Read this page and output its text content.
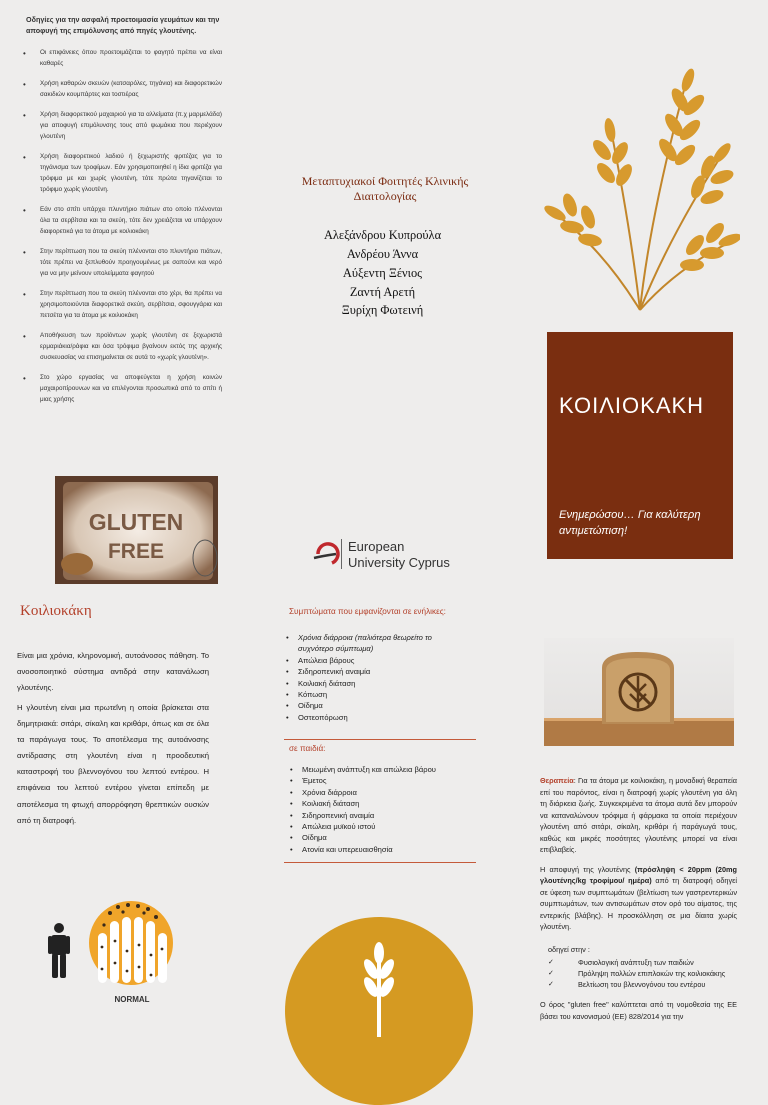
Οδηγίες για την ασφαλή προετοιμασία γευμάτων και την αποφυγή της επιμόλυνσης από πηγές γλουτένης.
• Οι επιφάνειες όπου προετοιμάζεται το φαγητό πρέπει να είναι καθαρές
• Χρήση καθαρών σκευών (κατσαρόλες, τηγάνια) και διαφορετικών σακιδιών κουμπάρτες και τοστιέρας
• Χρήση διαφορετικού μαχαιριού για τα αλλείματα (π.χ μαρμελάδα) για αποφυγή επιμόλυνσης τους από ψωμάκια που περιέχουν γλουτένη
• Χρήση διαφορετικού λαδιού ή ξεχωριστής φριτέζας για το τηγάνισμα των τροφίμων. Εάν χρησιμοποιηθεί η ίδια φριτέζα για τρόφιμα με και χωρίς γλουτένη, τότε πρώτα τηγανίζεται το τρόφιμο χωρίς γλουτένη.
• Εάν στο σπίτι υπάρχει πλυντήριο πιάτων στο οποίο πλένονται όλα τα σερβίτσια και τα σκεύη, τότε δεν χρειάζεται να υπάρχουν διαφορετικά για τα άτομα με κοιλιοκάκη
• Στην περίπτωση που τα σκεύη πλένονται στο πλυντήριο πιάτων, τότε πρέπει να ξεπλυθούν προηγουμένως με σαπούνι και νερό για να μην μείνουν υπολείμματα φαγητού
• Στην περίπτωση που τα σκεύη πλένονται στο χέρι, θα πρέπει να χρησιμοποιούνται διαφορετικά σκεύη, σερβίτσια, σφουγγάρια και πετσέτα για τα άτομα με κοιλιοκάκη
• Αποθήκευση των προϊόντων χωρίς γλουτένη σε ξεχωριστά ερμαριάκια/ράφια και όσα τρόφιμα βγαίνουν εκτός της αρχικής συσκευασίας να επισημαίνεται σε αυτά το «χωρίς γλουτένη».
• Στο χώρο εργασίας να αποφεύγεται η χρήση κοινών μαχαιροπίρουνων και να επιλέγονται προσωπικά από το σπίτι ή μιας χρήσης
GLUTEN
FREE
Μεταπτυχιακοί Φοιτητές Κλινικής Διαιτολογίας
Αλεξάνδρου Κυπρούλα
Ανδρέου Άννα
Αύξεντη Ξένιος
Ζαντή Αρετή
Ξυρίχη Φωτεινή
European
University Cyprus
ΚΟΙΛΙΟΚΑΚΗ
Ενημερώσου… Για καλύτερη αντιμετώπιση!
Κοιλιοκάκη

Είναι μια χρόνια, κληρονομική, αυτοάνοσος πάθηση. Το ανοσοποιητικό σύστημα αντιδρά στην κατανάλωση γλουτένης.

Η γλουτένη είναι μια πρωτεΐνη η οποία βρίσκεται στα δημητριακά: σιτάρι, σίκαλη και κριθάρι, όπως και σε όλα τα παράγωγα τους. Το αποτέλεσμα της αυτοάνοσης αντίδρασης στη γλουτένη είναι η προοδευτική καταστροφή του βλεννογόνου του λεπτού εντέρου. Η επιφάνεια του λεπτού εντέρου γίνεται επίπεδη με αποτέλεσμα τη φτωχή απορρόφηση θρεπτικών ουσιών από τη διατροφή.

NORMAL
Συμπτώματα που εμφανίζονται σε ενήλικες:
• Χρόνια διάρροια (παλιότερα θεωρείτο το συχνότερο σύμπτωμα)
• Απώλεια βάρους
• Σιδηροπενική αναιμία
• Κοιλιακή διάταση
• Κόπωση
• Οίδημα
• Οστεοπόρωση
σε παιδιά:
• Μειωμένη ανάπτυξη και απώλεια βάρου
• Έμετος
• Χρόνια διάρροια
• Κοιλιακή διάταση
• Σιδηροπενική αναιμία
• Απώλεια μυϊκού ιστού
• Οίδημα
• Ατονία και υπερευαισθησία

Θεραπεία: Για τα άτομα με κοιλιοκάκη, η μοναδική θεραπεία επί του παρόντος, είναι η διατροφή χωρίς γλουτένη για όλη τη διάρκεια ζωής. Συγκεκριμένα τα άτομα αυτά δεν μπορούν να καταναλώνουν τρόφιμα ή φάρμακα τα οποία περιέχουν γλουτένη από σιτάρι, σίκαλη, κριθάρι ή παράγωγά τους, καθώς και μικρές ποσότητες γλουτένης μπορεί να είναι επιβλαβείς.

Η αποφυγή της γλουτένης (πρόσληψη < 20ppm (20mg γλουτένης/kg τροφίμου/ ημέρα) από τη διατροφή οδηγεί σε ύφεση των συμπτωμάτων (βελτίωση των γαστρεντερικών συμπτωμάτων, των αντισωμάτων στον ορό του αίματος, της εντερικής βλάβης). Η προσκόλληση σε μια δίαιτα χωρίς γλουτένη.

οδηγεί στην :
✓ Φυσιολογική ανάπτυξη των παιδιών
✓ Πρόληψη πολλών επιπλοκών της κοιλιοκάκης
✓ Βελτίωση του βλεννογόνου του εντέρου
Ο όρος "gluten free" καλύπτεται από τη νομοθεσία της ΕΕ βάσει του κανονισμού (ΕΕ) 828/2014 για την
